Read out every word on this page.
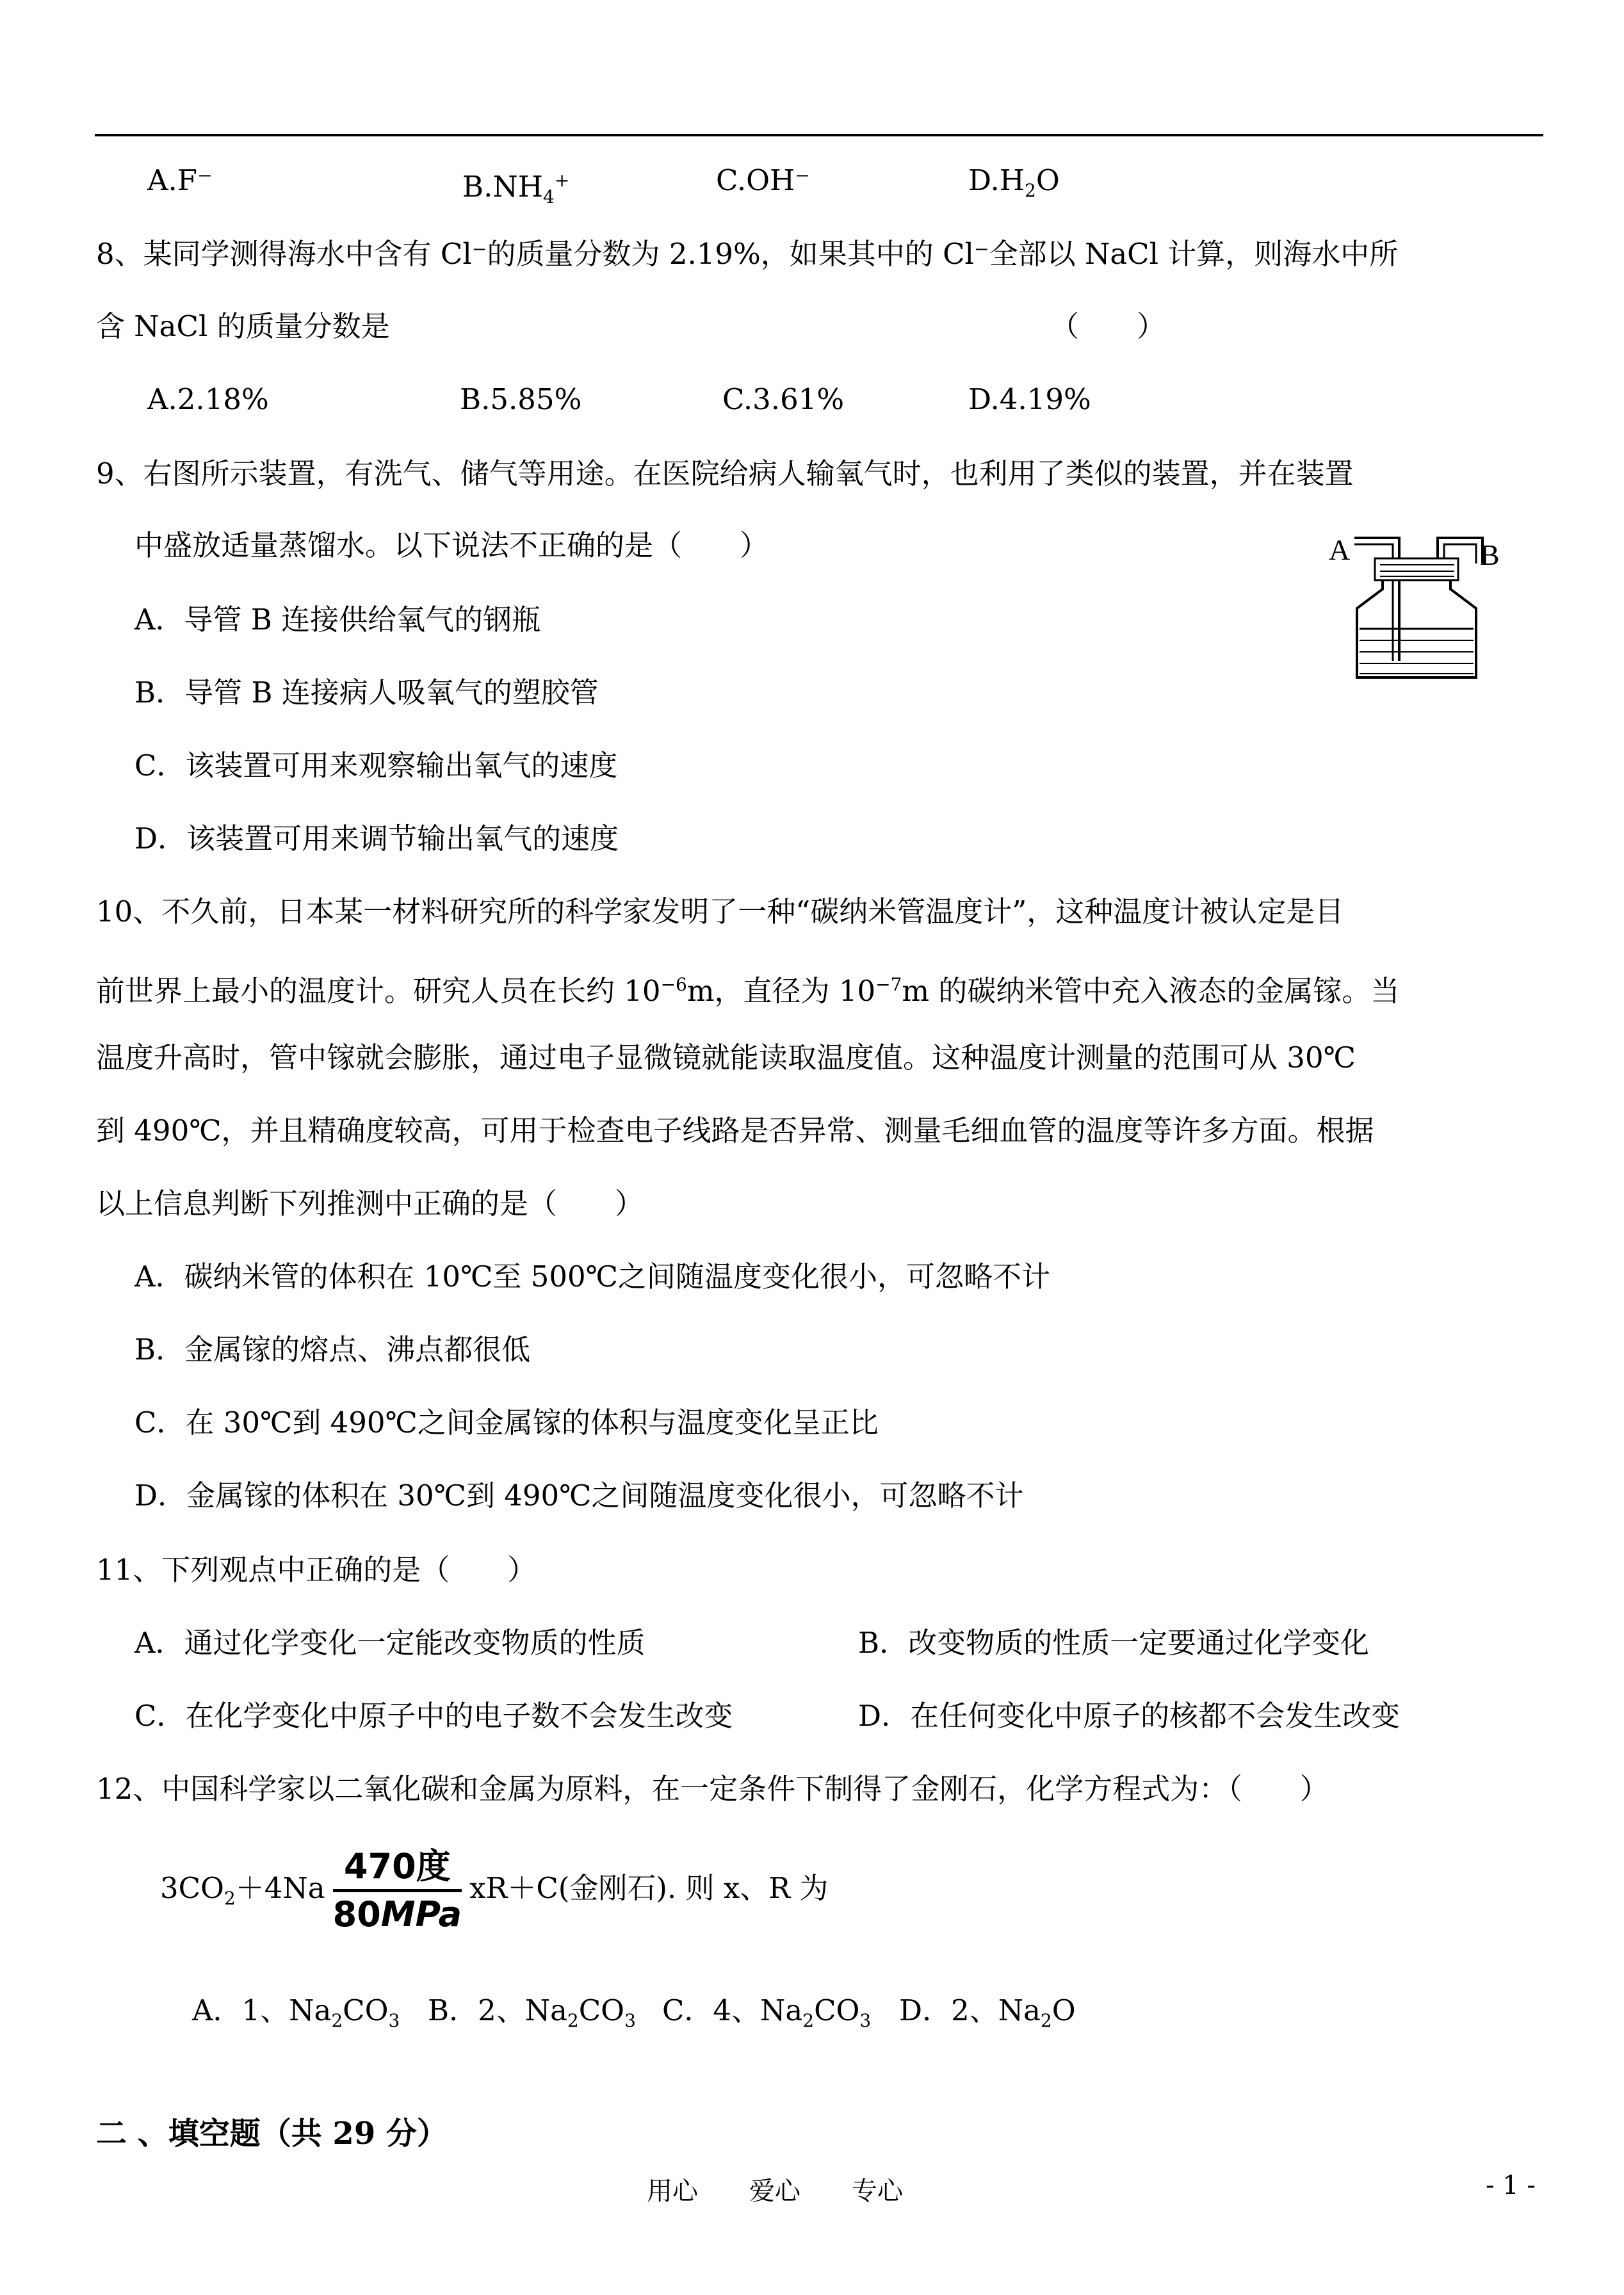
A.F⁻	$B.NH_4^+$	C.OH⁻	$D.H_2O$
8、某同学测得海水中含有 Cl⁻的质量分数为 2.19%，如果其中的 Cl⁻全部以 NaCl 计算，则海水中所
含 NaCl 的质量分数是	（　　）
A.2.18%	B.5.85%	C.3.61%	D.4.19%
9、右图所示装置，有洗气、储气等用途。在医院给病人输氧气时，也利用了类似的装置，并在装置
中盛放适量蒸馏水。以下说法不正确的是（　　）
A．导管 B 连接供给氧气的钢瓶
B．导管 B 连接病人吸氧气的塑胶管
C．该装置可用来观察输出氧气的速度
D．该装置可用来调节输出氧气的速度
A	B
10、不久前，日本某一材料研究所的科学家发明了一种“碳纳米管温度计”，这种温度计被认定是目
前世界上最小的温度计。研究人员在长约 $10^{-6}m$，直径为 $10^{-7}m$ 的碳纳米管中充入液态的金属镓。当
温度升高时，管中镓就会膨胀，通过电子显微镜就能读取温度值。这种温度计测量的范围可从 30℃
到 490℃，并且精确度较高，可用于检查电子线路是否异常、测量毛细血管的温度等许多方面。根据
以上信息判断下列推测中正确的是（　　）
A．碳纳米管的体积在 10℃至 500℃之间随温度变化很小，可忽略不计
B．金属镓的熔点、沸点都很低
C．在 30℃到 490℃之间金属镓的体积与温度变化呈正比
D．金属镓的体积在 30℃到 490℃之间随温度变化很小，可忽略不计
11、下列观点中正确的是（　　）
A．通过化学变化一定能改变物质的性质	B．改变物质的性质一定要通过化学变化
C．在化学变化中原子中的电子数不会发生改变	D．在任何变化中原子的核都不会发生改变
12、中国科学家以二氧化碳和金属为原料，在一定条件下制得了金刚石，化学方程式为：（　　）
$3CO_2+4Na$
470度
80MPa
xR＋C(金刚石). 则 x、R 为
A．1、$Na_2CO_3$ B．2、$Na_2CO_3$ C．4、$Na_2CO_3$ D．2、$Na_2O$
二 、填空题（共 29 分）
用心　　爱心　　专心	- 1 -
